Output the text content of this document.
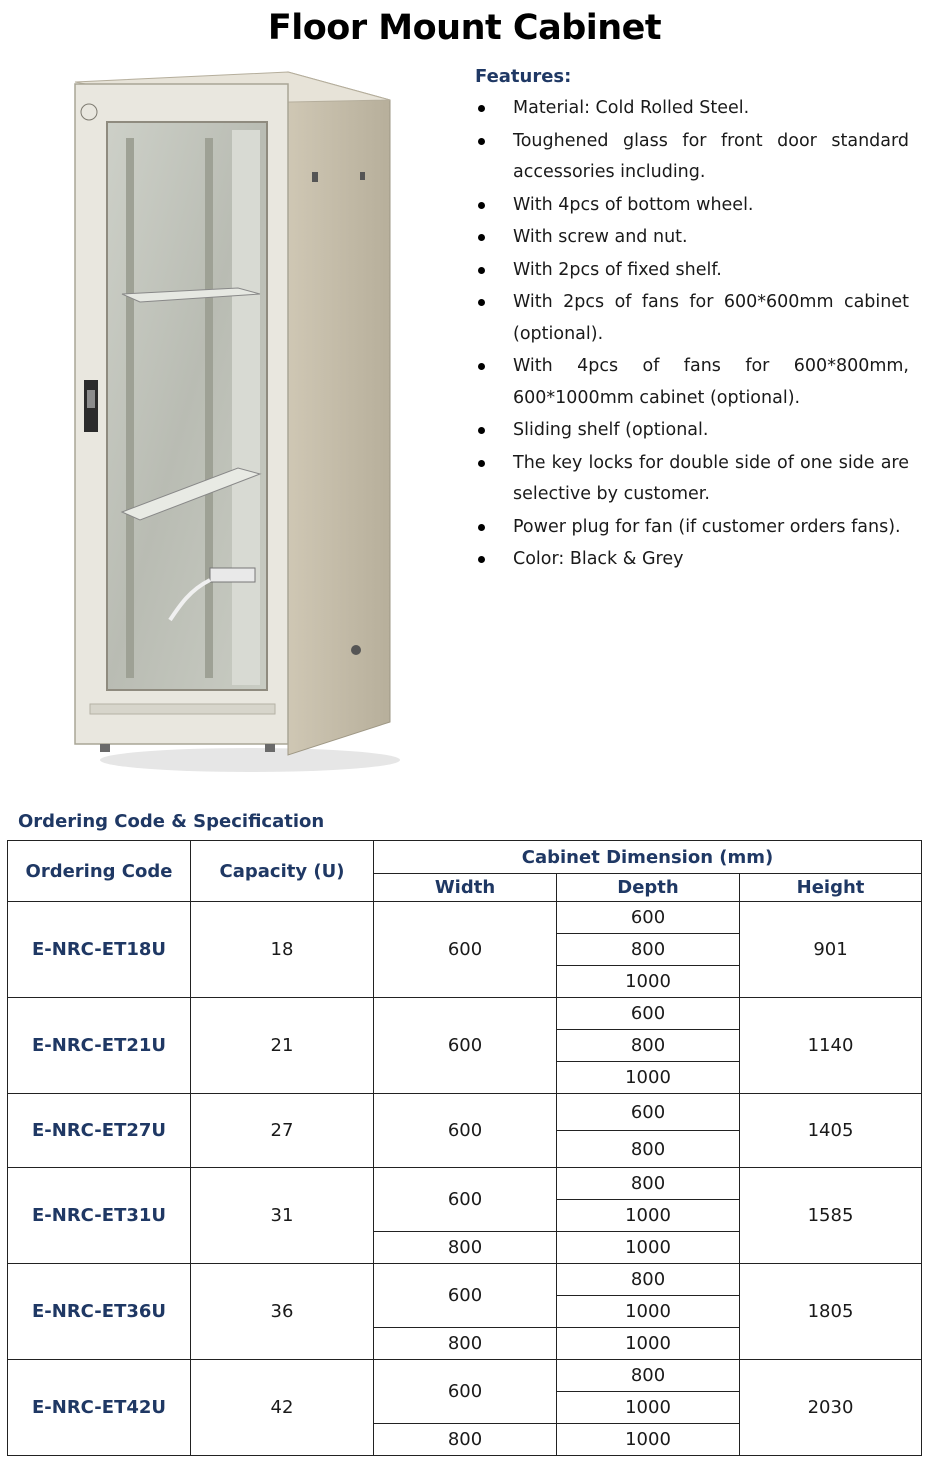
Floor Mount Cabinet
Features:
Material: Cold Rolled Steel.
Toughened glass for front door standard accessories including.
With 4pcs of bottom wheel.
With screw and nut.
With 2pcs of fixed shelf.
With 2pcs of fans for 600*600mm cabinet (optional).
With 4pcs of fans for 600*800mm, 600*1000mm cabinet (optional).
Sliding shelf (optional.
The key locks for double side of one side are selective by customer.
Power plug for fan (if customer orders fans).
Color: Black & Grey
Ordering Code & Specification
Ordering Code	Capacity (U)	Cabinet Dimension (mm)		
		Width	Depth	Height
E-NRC-ET18U	18	600	600	901
			800	
			1000	
E-NRC-ET21U	21	600	600	1140
			800	
			1000	
E-NRC-ET27U	27	600	600	1405
			800	
E-NRC-ET31U	31	600	800	1585
			1000	
		800	1000	
E-NRC-ET36U	36	600	800	1805
			1000	
		800	1000	
E-NRC-ET42U	42	600	800	2030
			1000	
		800	1000	
